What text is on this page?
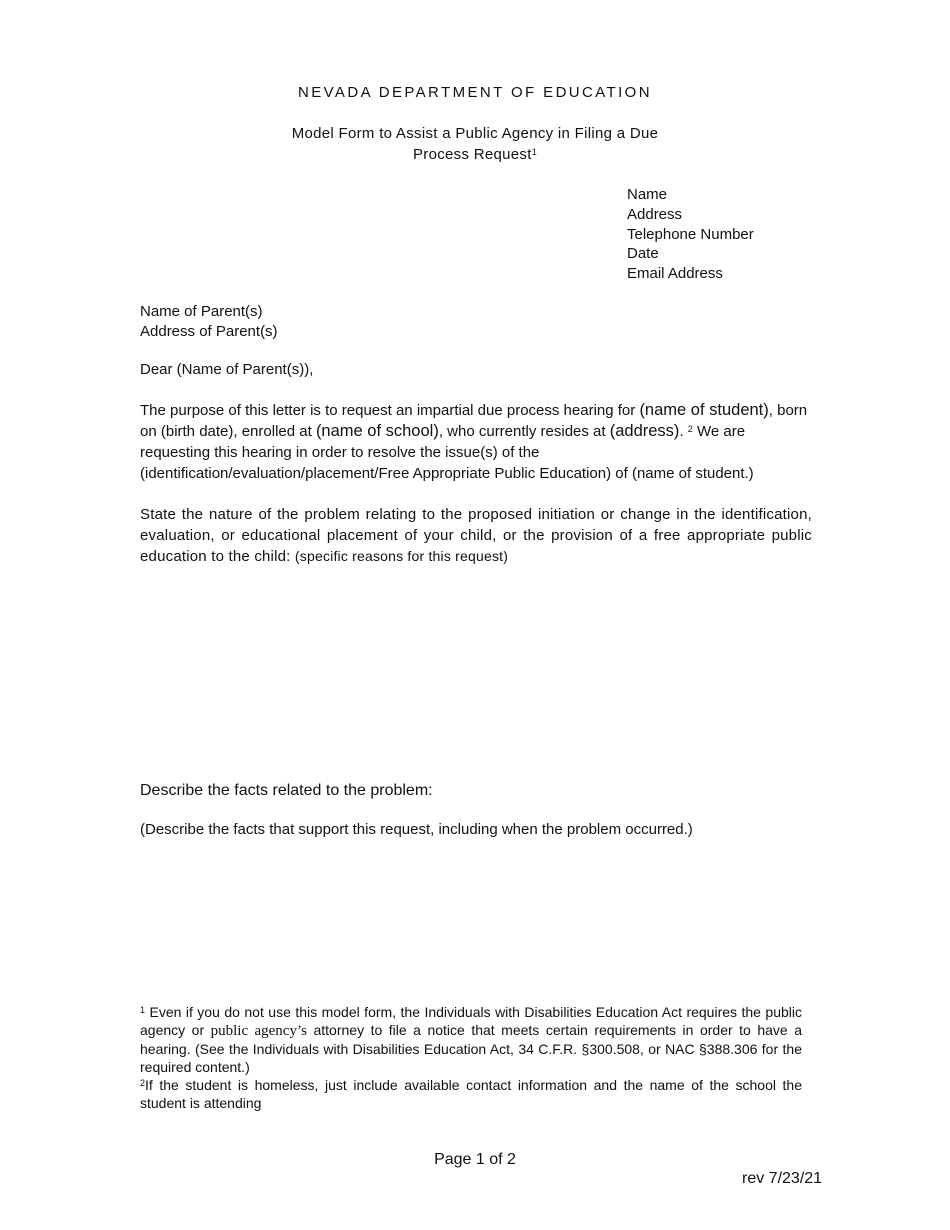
NEVADA DEPARTMENT OF EDUCATION
Model Form to Assist a Public Agency in Filing a Due
Process Request$^1$
Name
Address
Telephone Number
Date
Email Address
Name of Parent(s)
Address of Parent(s)
Dear (Name of Parent(s)),
The purpose of this letter is to request an impartial due process hearing for (name of student), born on (birth date), enrolled at (name of school), who currently resides at (address). $^2$ We are requesting this hearing in order to resolve the issue(s) of the (identification/evaluation/placement/Free Appropriate Public Education) of (name of student.)
State the nature of the problem relating to the proposed initiation or change in the identification, evaluation, or educational placement of your child, or the provision of a free appropriate public education to the child: (specific reasons for this request)
Describe the facts related to the problem:
(Describe the facts that support this request, including when the problem occurred.)
$^1$ Even if you do not use this model form, the Individuals with Disabilities Education Act requires the public agency or public agency’s attorney to file a notice that meets certain requirements in order to have a hearing. (See the Individuals with Disabilities Education Act, 34 C.F.R. §300.508, or NAC §388.306 for the required content.)
$^2$If the student is homeless, just include available contact information and the name of the school the student is attending
Page 1 of 2
rev 7/23/21
